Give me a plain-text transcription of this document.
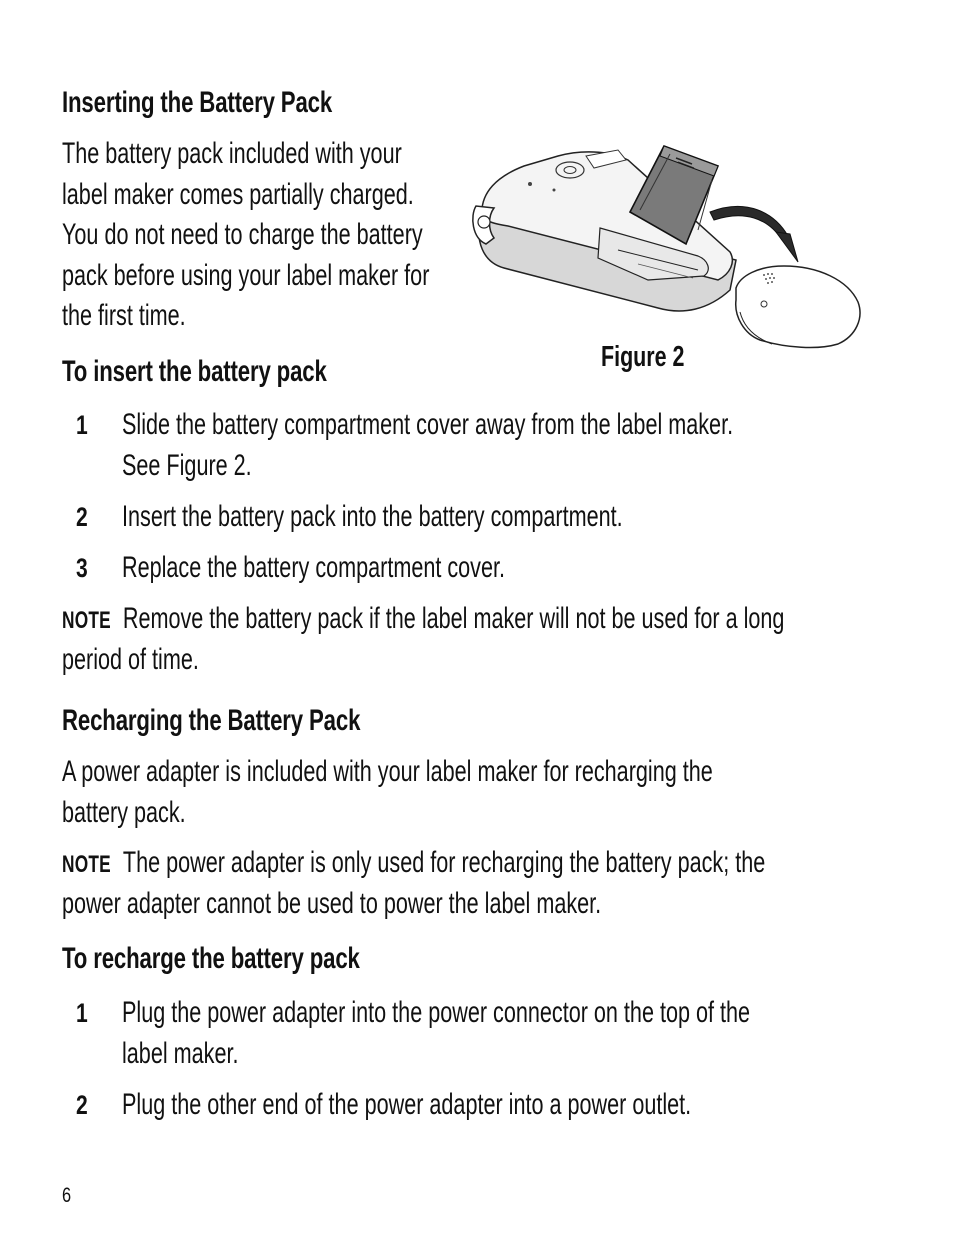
Inserting the Battery Pack
The battery pack included with your
label maker comes partially charged.
You do not need to charge the battery
pack before using your label maker for
the first time.
Figure 2
To insert the battery pack
1 Slide the battery compartment cover away from the label maker.
See Figure 2.
2 Insert the battery pack into the battery compartment.
3 Replace the battery compartment cover.
NOTE Remove the battery pack if the label maker will not be used for a long
period of time.
Recharging the Battery Pack
A power adapter is included with your label maker for recharging the
battery pack.
NOTE The power adapter is only used for recharging the battery pack; the
power adapter cannot be used to power the label maker.
To recharge the battery pack
1 Plug the power adapter into the power connector on the top of the
label maker.
2 Plug the other end of the power adapter into a power outlet.
6
